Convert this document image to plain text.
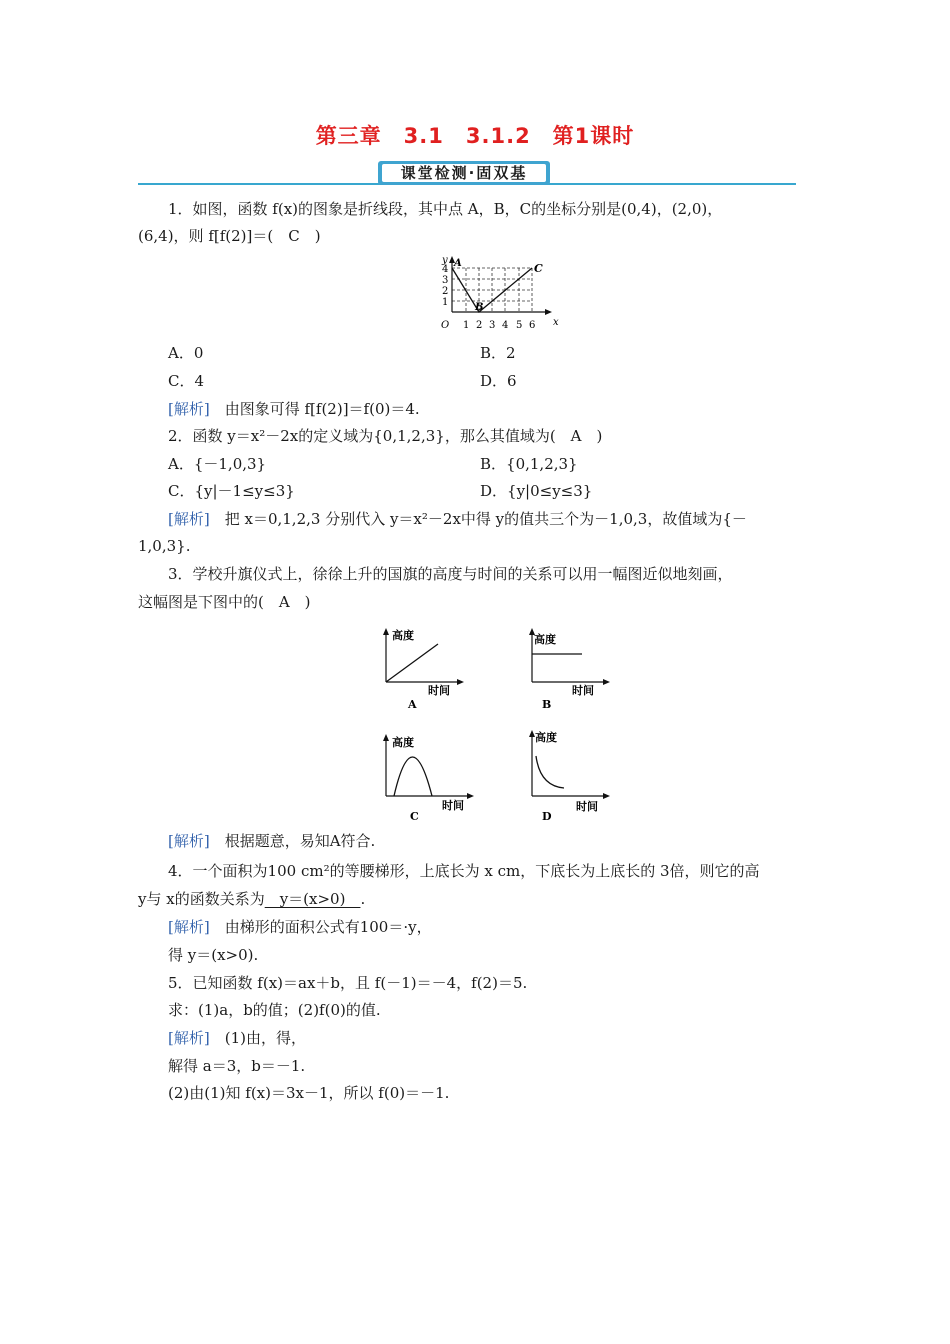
第三章　3.1　3.1.2　第1课时
课堂检测·固双基
1．如图，函数 f(x)的图象是折线段，其中点 A，B，C的坐标分别是(0,4)，(2,0)，
(6,4)，则 f[f(2)]＝(　C　)
y
x
O
A
B
C
4
3
2
1
1 2 3 4 5 6
A．0	B．2
C．4	D．6
[解析]　由图象可得 f[f(2)]＝f(0)＝4.
2．函数 y＝x²－2x的定义域为{0,1,2,3}，那么其值域为(　A　)
A．{－1,0,3}	B．{0,1,2,3}
C．{y|－1≤y≤3}	D．{y|0≤y≤3}
[解析]　把 x＝0,1,2,3 分别代入 y＝x²－2x中得 y的值共三个为－1,0,3，故值域为{－
1,0,3}.
3．学校升旗仪式上，徐徐上升的国旗的高度与时间的关系可以用一幅图近似地刻画，
这幅图是下图中的(　A　)
高度
时间
A
高度
时间
B
高度
时间
C
高度
时间
D
[解析]　根据题意，易知A符合.
4．一个面积为100 cm²的等腰梯形，上底长为 x cm，下底长为上底长的 3倍，则它的高
y与 x的函数关系为　y＝(x>0)　.
[解析]　由梯形的面积公式有100＝·y，
得 y＝(x>0).
5．已知函数 f(x)＝ax＋b，且 f(－1)＝－4，f(2)＝5.
求：(1)a，b的值；(2)f(0)的值.
[解析]　(1)由，得，
解得 a＝3，b＝－1.
(2)由(1)知 f(x)＝3x－1，所以 f(0)＝－1.
